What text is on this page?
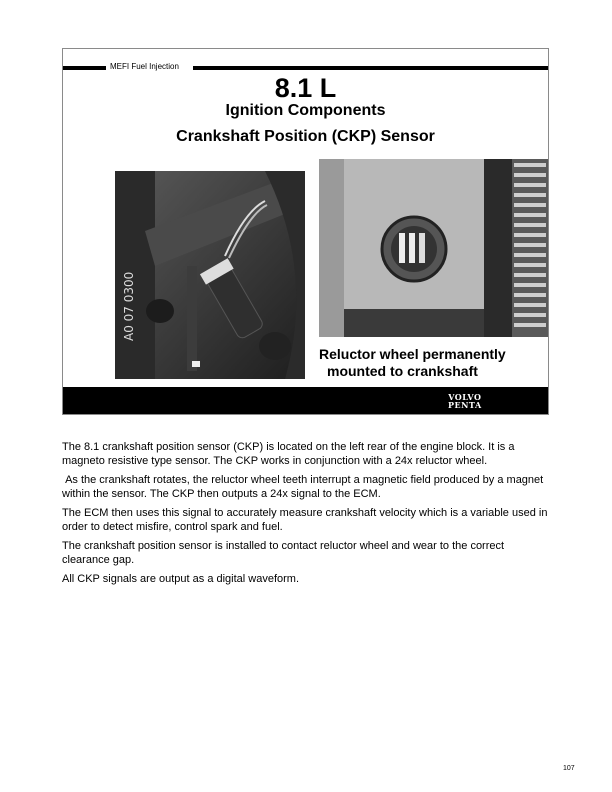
MEFI Fuel Injection
8.1 L
Ignition Components
Crankshaft Position (CKP) Sensor
A0 07 0300
Reluctor wheel permanently
mounted to crankshaft
VOLVO
PENTA

The 8.1 crankshaft position sensor (CKP) is located on the left rear of the engine block. It is a magneto resistive type sensor. The CKP works in conjunction with a 24x reluctor wheel.

As the crankshaft rotates, the reluctor wheel teeth interrupt a magnetic field produced by a magnet within the sensor. The CKP then outputs a 24x signal to the ECM.

The ECM then uses this signal to accurately measure crankshaft velocity which is a variable used in order to detect misfire, control spark and fuel.

The crankshaft position sensor is installed to contact reluctor wheel and wear to the correct clearance gap.

All CKP signals are output as a digital waveform.

107
